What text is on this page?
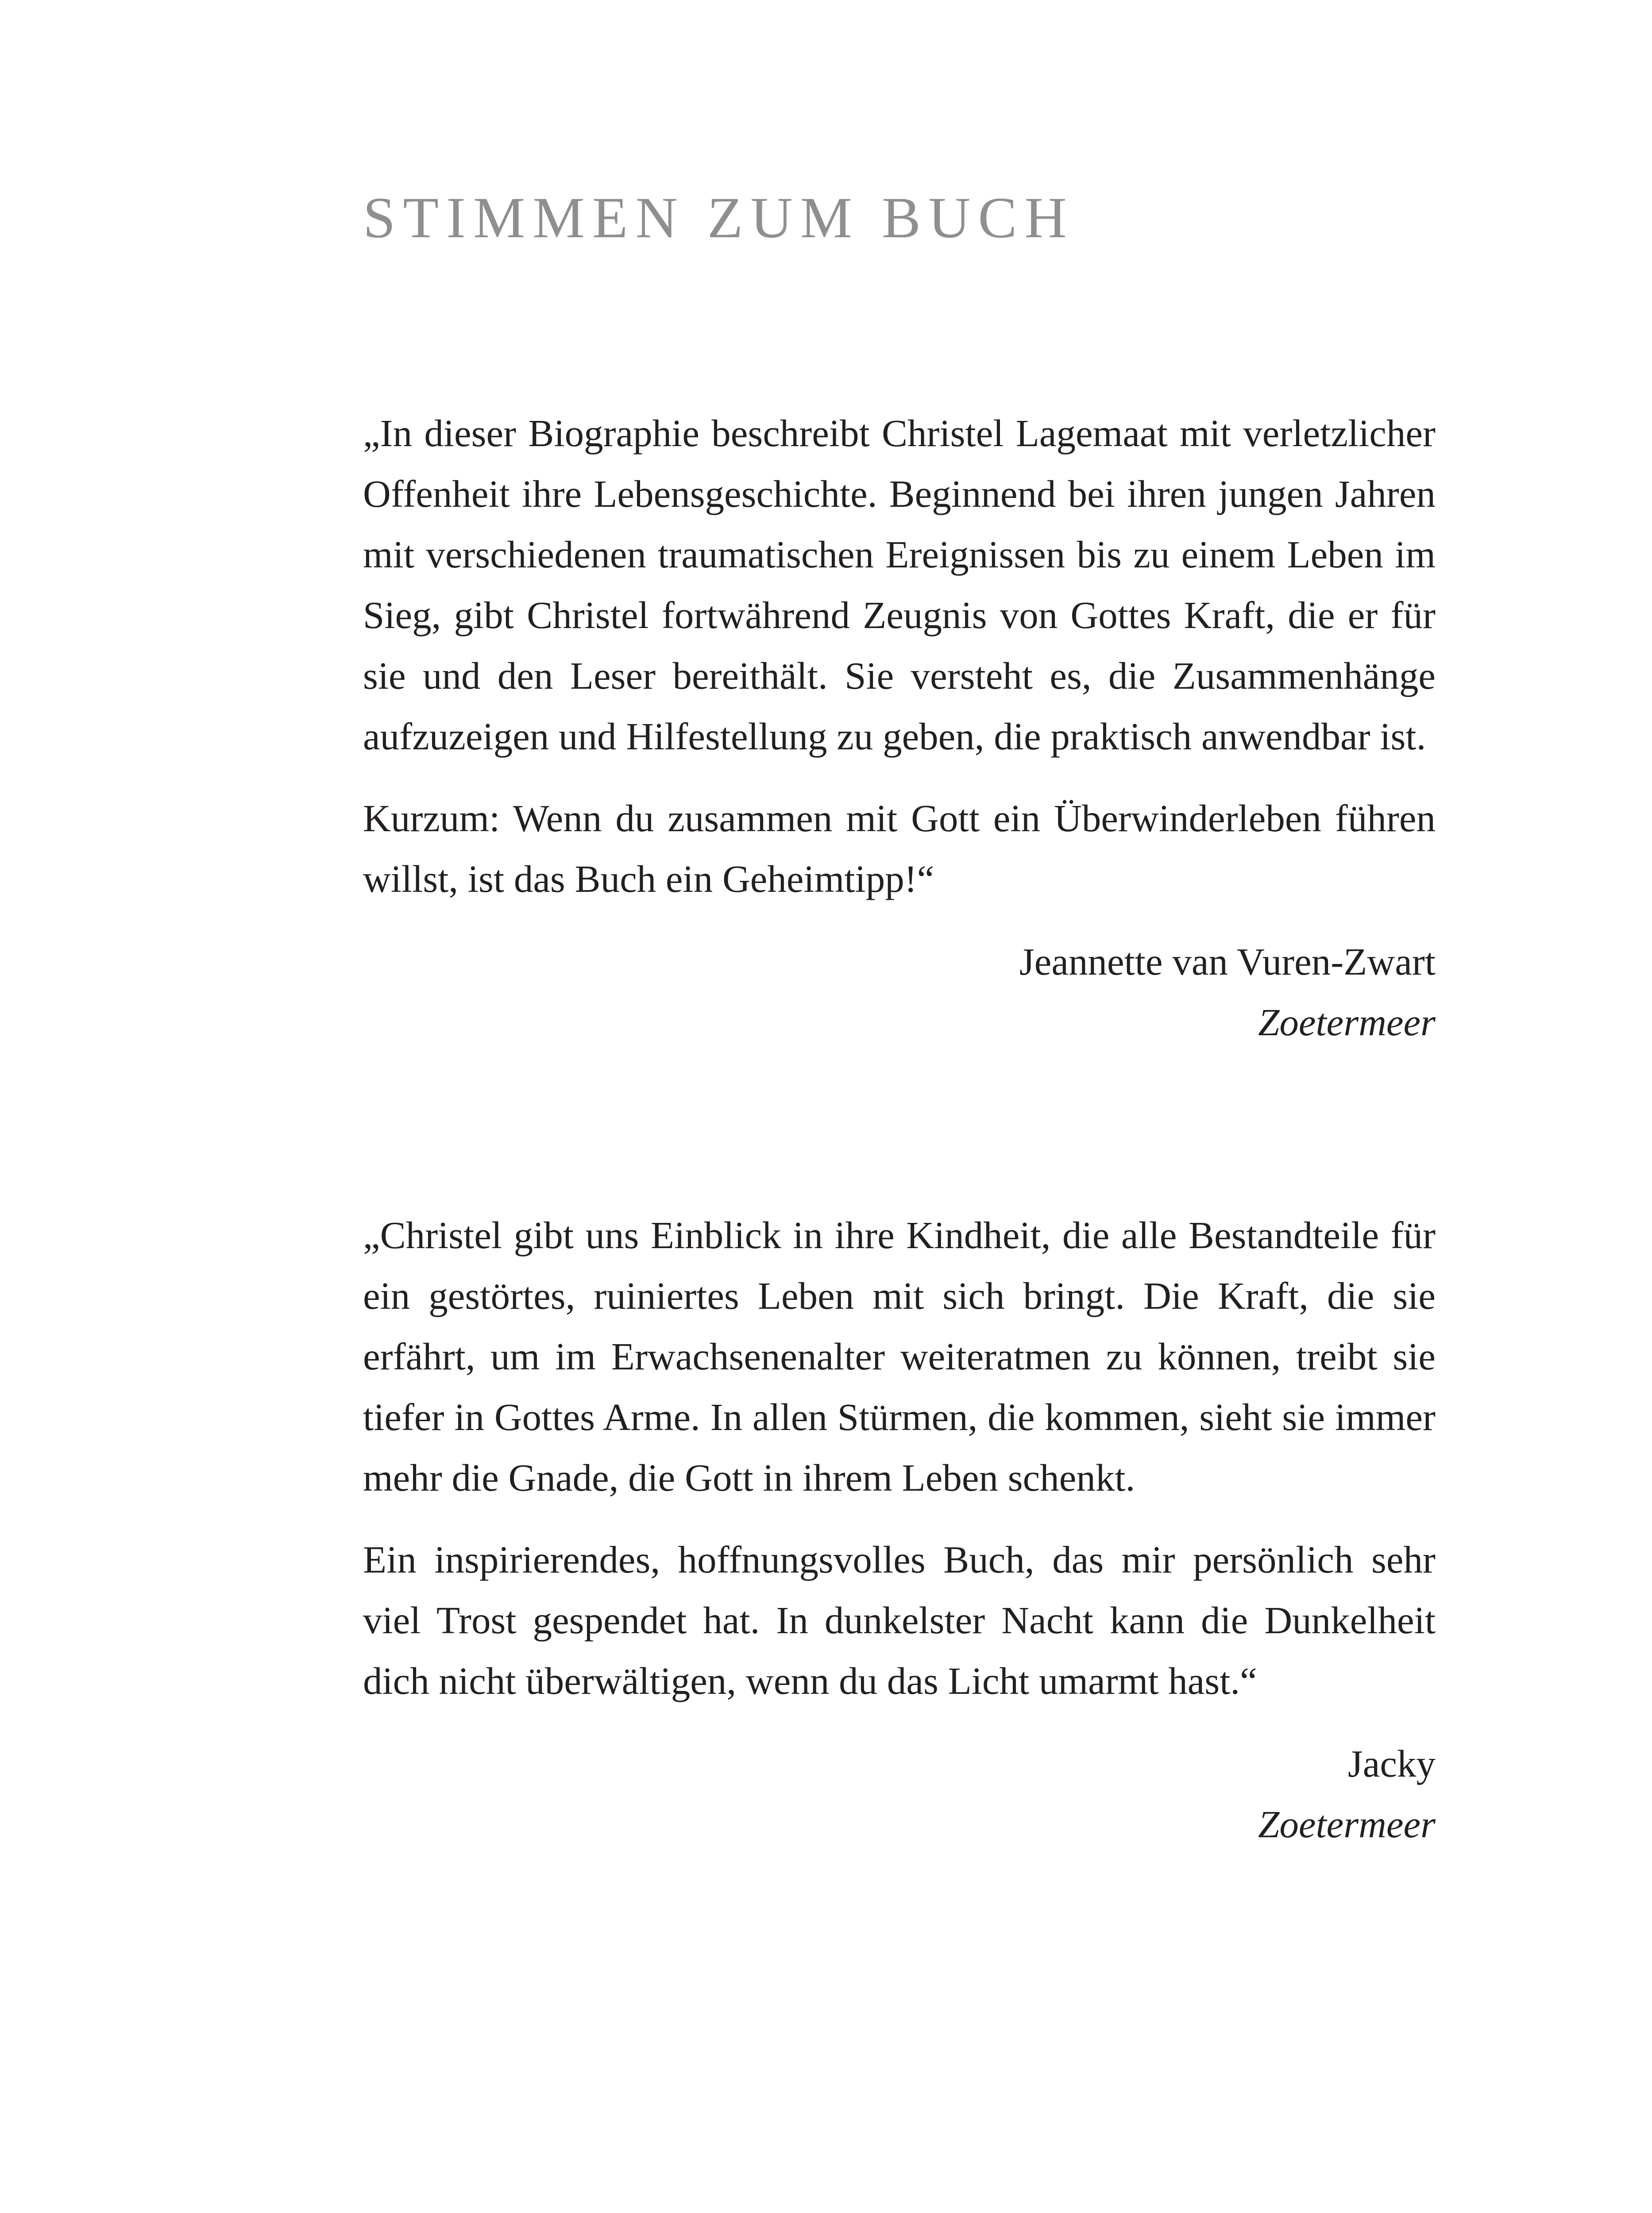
STIMMEN ZUM BUCH

„In dieser Biographie beschreibt Christel Lagemaat mit verletzlicher Offenheit ihre Lebensgeschichte. Beginnend bei ihren jungen Jahren mit verschiedenen traumatischen Ereignissen bis zu einem Leben im Sieg, gibt Christel fortwährend Zeugnis von Gottes Kraft, die er für sie und den Leser bereithält. Sie versteht es, die Zusammenhänge aufzuzeigen und Hilfestellung zu geben, die praktisch anwendbar ist.

Kurzum: Wenn du zusammen mit Gott ein Überwinderleben führen willst, ist das Buch ein Geheimtipp!“

Jeannette van Vuren-Zwart
Zoetermeer

„Christel gibt uns Einblick in ihre Kindheit, die alle Bestandteile für ein gestörtes, ruiniertes Leben mit sich bringt. Die Kraft, die sie erfährt, um im Erwachsenenalter weiteratmen zu können, treibt sie tiefer in Gottes Arme. In allen Stürmen, die kommen, sieht sie immer mehr die Gnade, die Gott in ihrem Leben schenkt.

Ein inspirierendes, hoffnungsvolles Buch, das mir persönlich sehr viel Trost gespendet hat. In dunkelster Nacht kann die Dunkelheit dich nicht überwältigen, wenn du das Licht umarmt hast.“

Jacky
Zoetermeer
